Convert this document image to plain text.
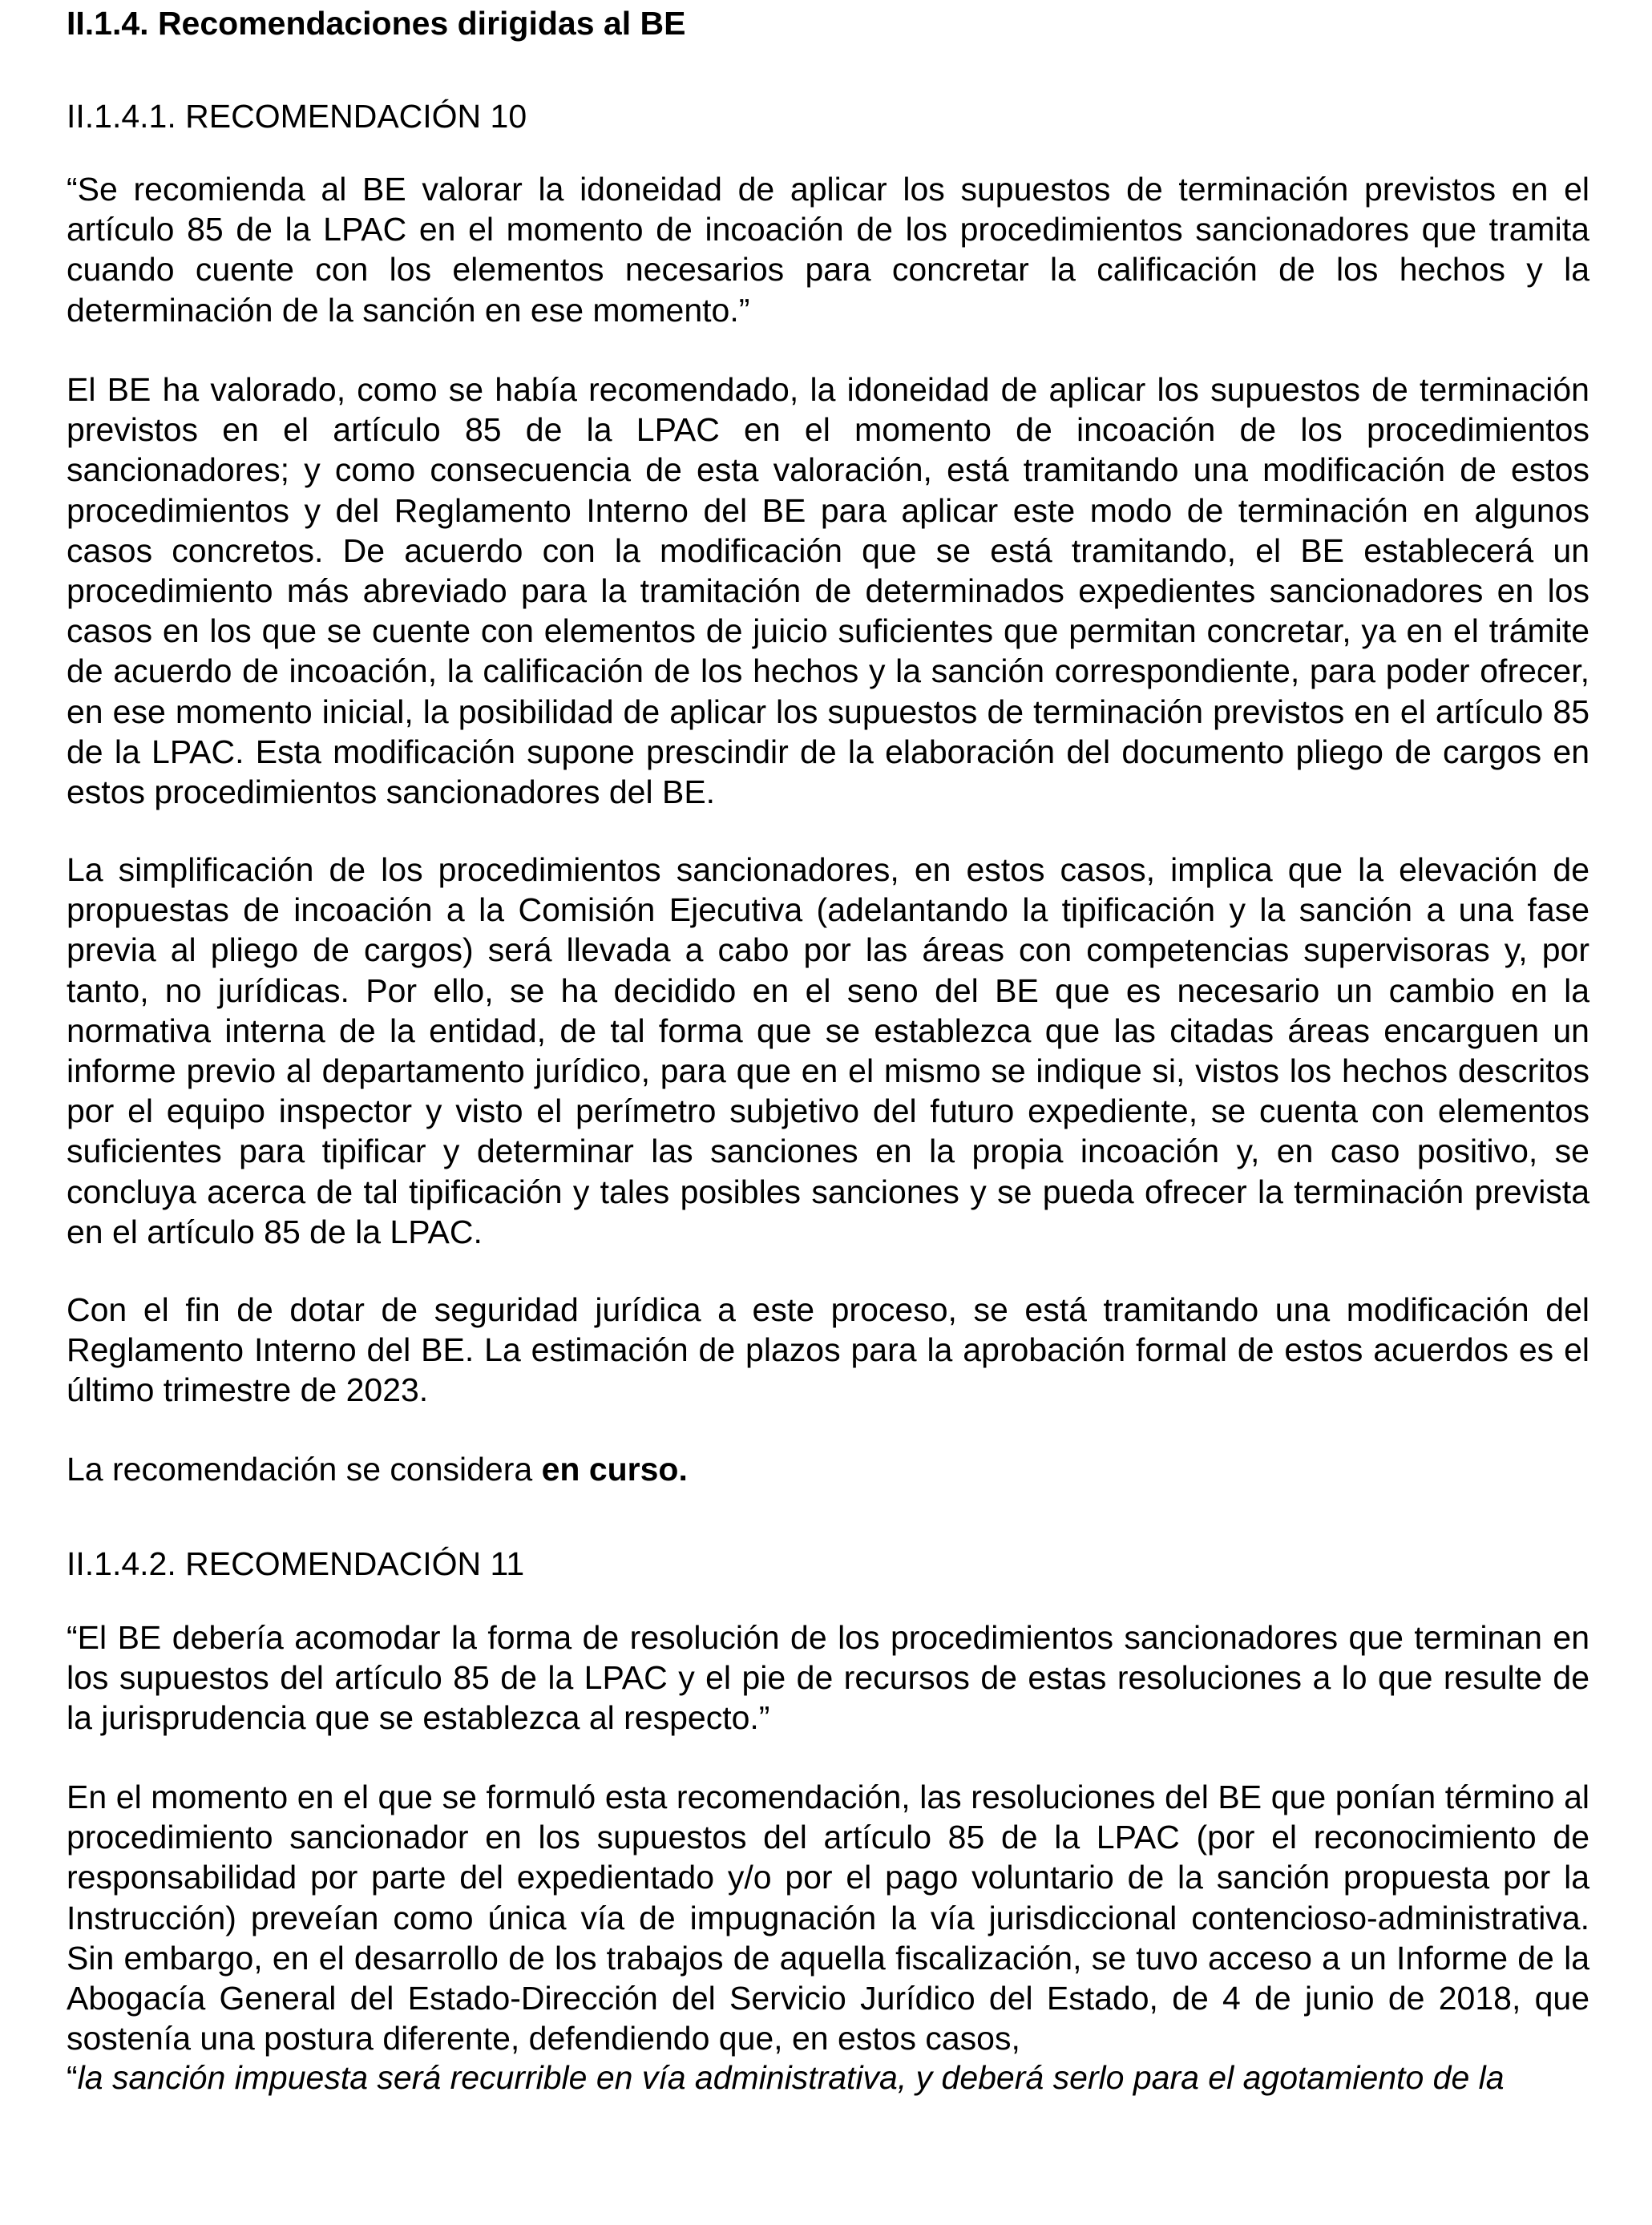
II.1.4. Recomendaciones dirigidas al BE
II.1.4.1. RECOMENDACIÓN 10

“Se recomienda al BE valorar la idoneidad de aplicar los supuestos de terminación previstos en el artículo 85 de la LPAC en el momento de incoación de los procedimientos sancionadores que tramita cuando cuente con los elementos necesarios para concretar la calificación de los hechos y la determinación de la sanción en ese momento.”

El BE ha valorado, como se había recomendado, la idoneidad de aplicar los supuestos de terminación previstos en el artículo 85 de la LPAC en el momento de incoación de los procedimientos sancionadores; y como consecuencia de esta valoración, está tramitando una modificación de estos procedimientos y del Reglamento Interno del BE para aplicar este modo de terminación en algunos casos concretos. De acuerdo con la modificación que se está tramitando, el BE establecerá un procedimiento más abreviado para la tramitación de determinados expedientes sancionadores en los casos en los que se cuente con elementos de juicio suficientes que permitan concretar, ya en el trámite de acuerdo de incoación, la calificación de los hechos y la sanción correspondiente, para poder ofrecer, en ese momento inicial, la posibilidad de aplicar los supuestos de terminación previstos en el artículo 85 de la LPAC. Esta modificación supone prescindir de la elaboración del documento pliego de cargos en estos procedimientos sancionadores del BE.

La simplificación de los procedimientos sancionadores, en estos casos, implica que la elevación de propuestas de incoación a la Comisión Ejecutiva (adelantando la tipificación y la sanción a una fase previa al pliego de cargos) será llevada a cabo por las áreas con competencias supervisoras y, por tanto, no jurídicas. Por ello, se ha decidido en el seno del BE que es necesario un cambio en la normativa interna de la entidad, de tal forma que se establezca que las citadas áreas encarguen un informe previo al departamento jurídico, para que en el mismo se indique si, vistos los hechos descritos por el equipo inspector y visto el perímetro subjetivo del futuro expediente, se cuenta con elementos suficientes para tipificar y determinar las sanciones en la propia incoación y, en caso positivo, se concluya acerca de tal tipificación y tales posibles sanciones y se pueda ofrecer la terminación prevista en el artículo 85 de la LPAC.

Con el fin de dotar de seguridad jurídica a este proceso, se está tramitando una modificación del Reglamento Interno del BE. La estimación de plazos para la aprobación formal de estos acuerdos es el último trimestre de 2023.

La recomendación se considera en curso.

II.1.4.2. RECOMENDACIÓN 11

“El BE debería acomodar la forma de resolución de los procedimientos sancionadores que terminan en los supuestos del artículo 85 de la LPAC y el pie de recursos de estas resoluciones a lo que resulte de la jurisprudencia que se establezca al respecto.”

En el momento en el que se formuló esta recomendación, las resoluciones del BE que ponían término al procedimiento sancionador en los supuestos del artículo 85 de la LPAC (por el reconocimiento de responsabilidad por parte del expedientado y/o por el pago voluntario de la sanción propuesta por la Instrucción) preveían como única vía de impugnación la vía jurisdiccional contencioso-administrativa. Sin embargo, en el desarrollo de los trabajos de aquella fiscalización, se tuvo acceso a un Informe de la Abogacía General del Estado-Dirección del Servicio Jurídico del Estado, de 4 de junio de 2018, que sostenía una postura diferente, defendiendo que, en estos casos,

“la sanción impuesta será recurrible en vía administrativa, y deberá serlo para el agotamiento de la
